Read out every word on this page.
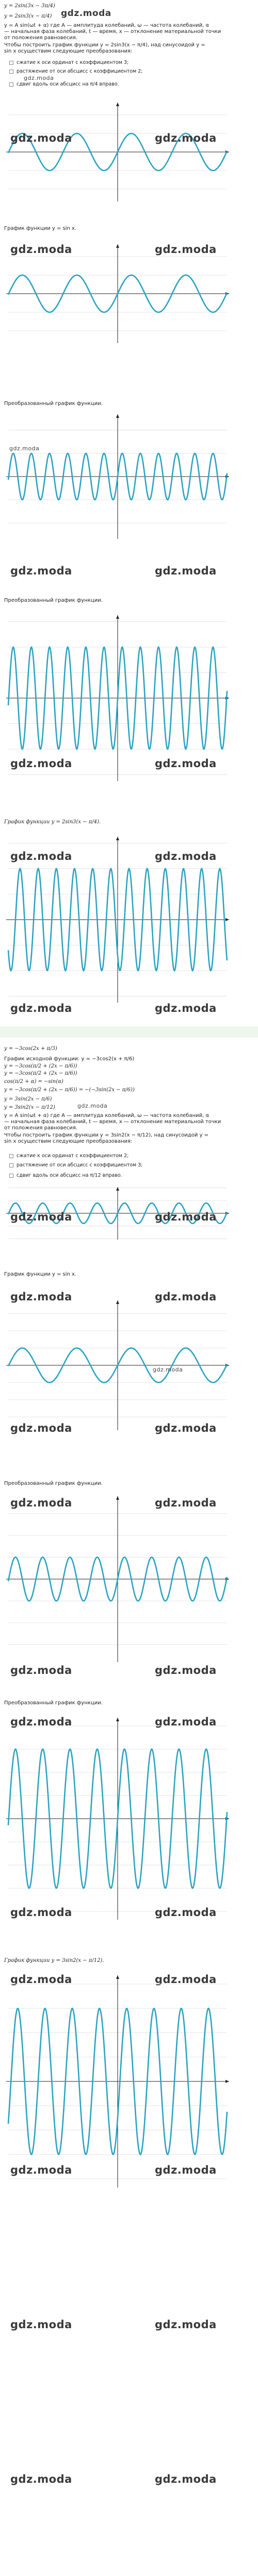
y = 2sin(3x − 3π/4)
y = 2sin3(x − π/4) gdz.moda
y = A sin(ωt + α) где A — амплитуда колебаний, ω — частота колебаний, α
— начальная фаза колебаний, t — время, x — отклонение материальной точки
от положения равновесия.
Чтобы построить график функции y = 2sin3(x − π/4), над синусоидой y =
sin x осуществим следующие преобразования:
сжатие к оси ординат с коэффициентом 3;
растяжение от оси абсцисс с коэффициентом 2;
gdz.moda
сдвиг вдоль оси абсцисс на π/4 вправо.
gdz.moda	gdz.moda
График функции y = sin x.
gdz.moda	gdz.moda
Преобразованный график функции.
gdz.moda
gdz.moda	gdz.moda
Преобразованный график функции.
gdz.moda	gdz.moda
График функции y = 2sin3(x − π/4).
gdz.moda	gdz.moda
gdz.moda	gdz.moda
y = −3cos(2x + π/3)
График исходной функции: y = −3cos2(x + π/6)
y = −3cos(π/2 + (2x − π/6))
y = −3cos(π/2 + (2x − π/6))
cos(π/2 + α) = −sin(α)
y = −3cos(π/2 + (2x − π/6)) = −(−3sin(2x − π/6))
y = 3sin(2x − π/6)
y = 3sin2(x − π/12)	gdz.moda
y = A sin(ωt + α) где A — амплитуда колебаний, ω — частота колебаний, α
— начальная фаза колебаний, t — время, x — отклонение материальной точки
от положения равновесия.
Чтобы построить график функции y = 3sin2(x − π/12), над синусоидой y =
sin x осуществим следующие преобразования:
сжатие к оси ординат с коэффициентом 2;
растяжение от оси абсцисс с коэффициентом 3;
сдвиг вдоль оси абсцисс на π/12 вправо.
gdz.moda	gdz.moda
График функции y = sin x.
gdz.moda	gdz.moda
gdz.moda
gdz.moda	gdz.moda
Преобразованный график функции.
gdz.moda	gdz.moda
gdz.moda	gdz.moda
Преобразованный график функции.
gdz.moda	gdz.moda
gdz.moda	gdz.moda
График функции y = 3sin2(x − π/12).
gdz.moda	gdz.moda
gdz.moda	gdz.moda
gdz.moda	gdz.moda
gdz.moda	gdz.moda
